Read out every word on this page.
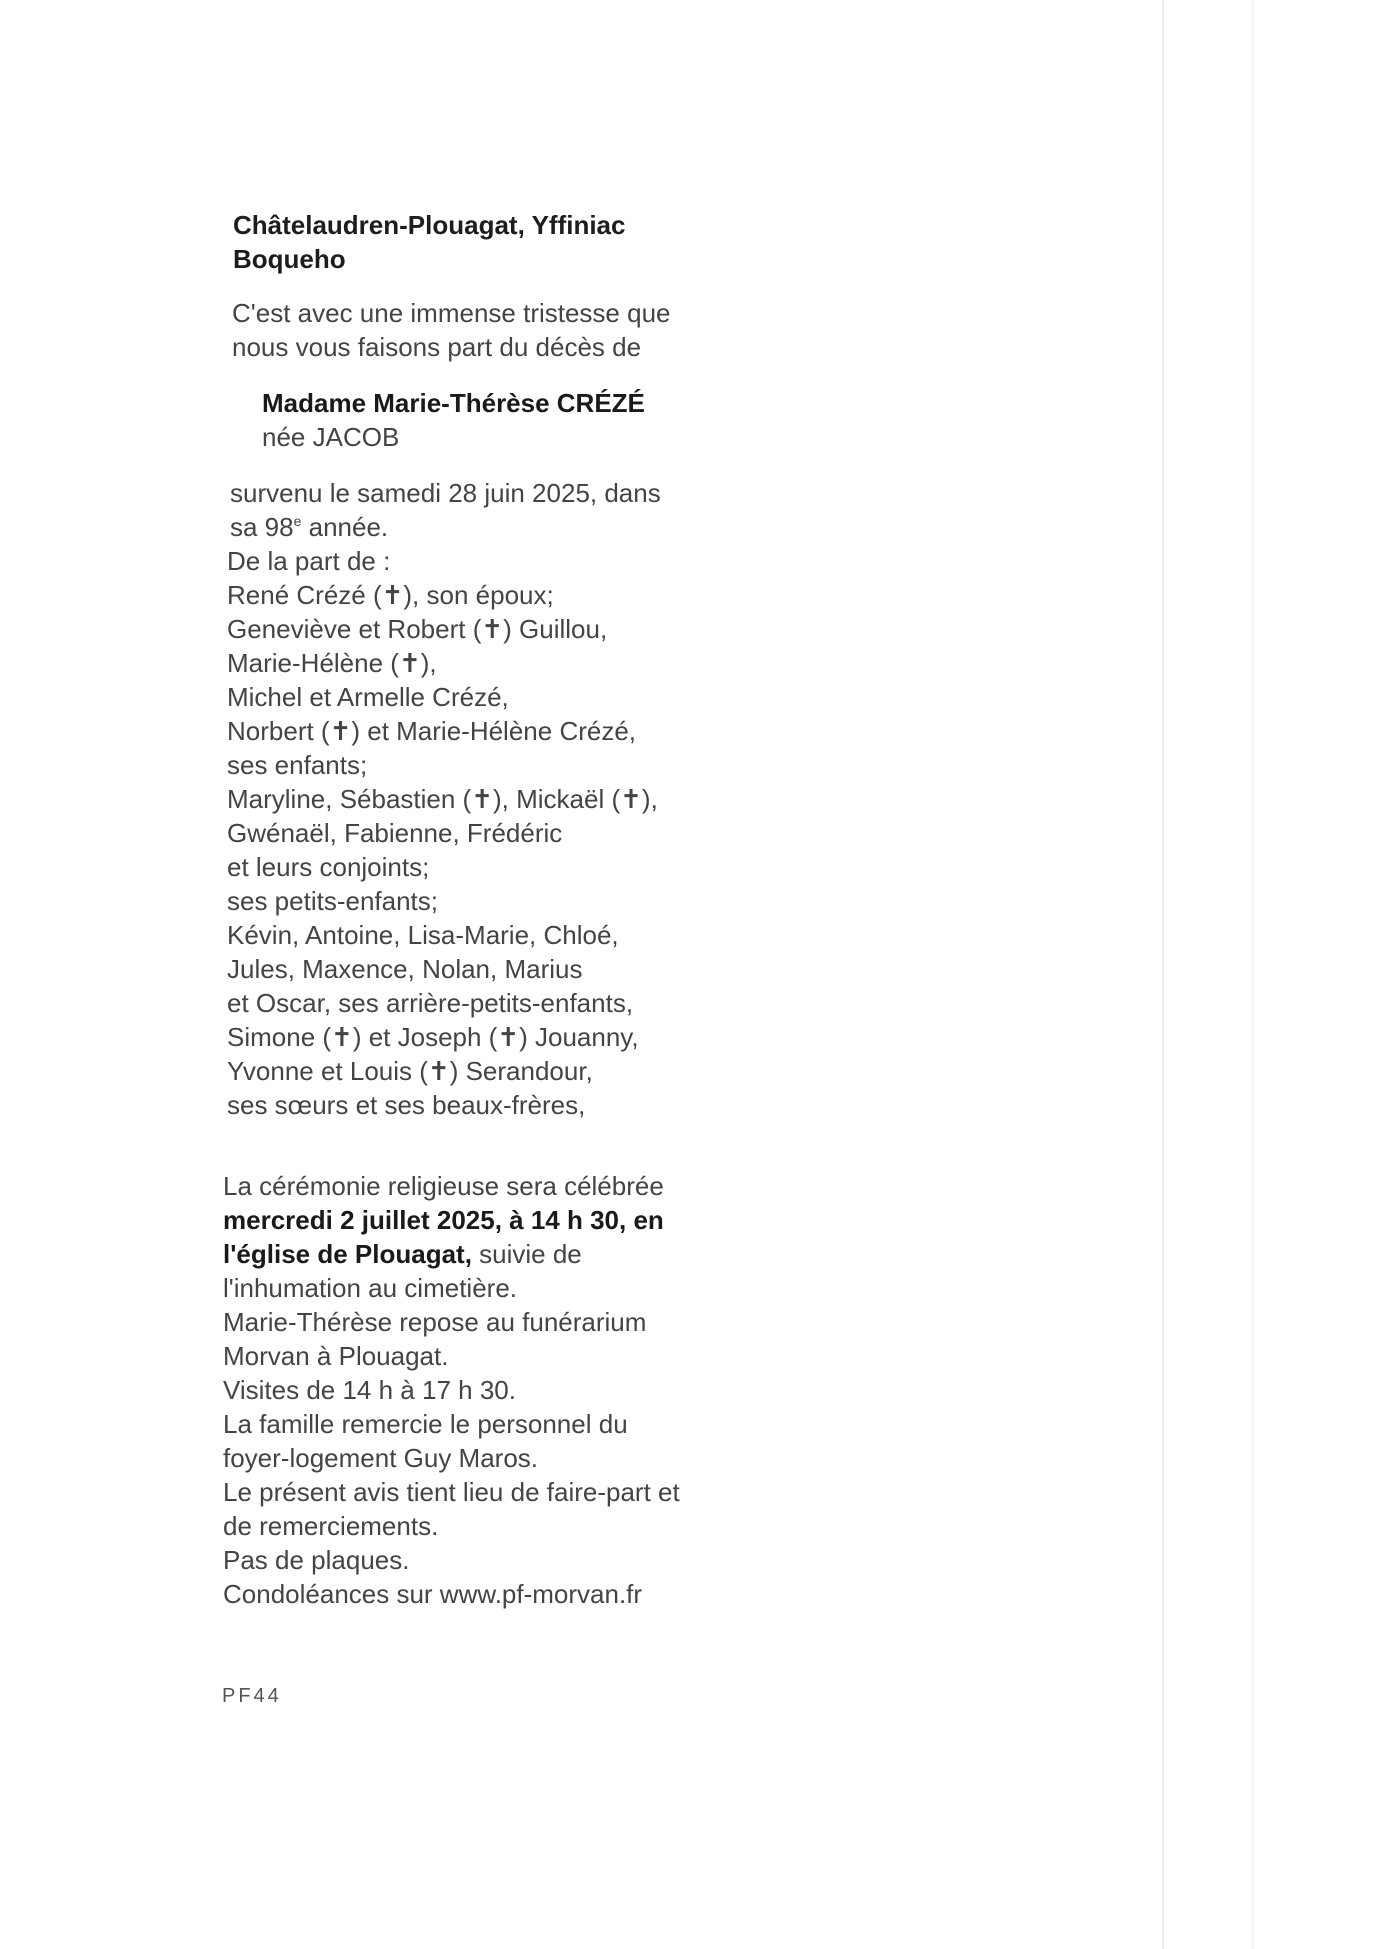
Châtelaudren-Plouagat, Yffiniac
Boqueho
C'est avec une immense tristesse que
nous vous faisons part du décès de
Madame Marie-Thérèse CRÉZÉ
née JACOB
survenu le samedi 28 juin 2025, dans
sa 98e année.
De la part de :
René Crézé (✝), son époux;
Geneviève et Robert (✝) Guillou,
Marie-Hélène (✝),
Michel et Armelle Crézé,
Norbert (✝) et Marie-Hélène Crézé,
ses enfants;
Maryline, Sébastien (✝), Mickaël (✝),
Gwénaël, Fabienne, Frédéric
et leurs conjoints;
ses petits-enfants;
Kévin, Antoine, Lisa-Marie, Chloé,
Jules, Maxence, Nolan, Marius
et Oscar, ses arrière-petits-enfants,
Simone (✝) et Joseph (✝) Jouanny,
Yvonne et Louis (✝) Serandour,
ses sœurs et ses beaux-frères,
La cérémonie religieuse sera célébrée
mercredi 2 juillet 2025, à 14 h 30, en
l'église de Plouagat, suivie de
l'inhumation au cimetière.
Marie-Thérèse repose au funérarium
Morvan à Plouagat.
Visites de 14 h à 17 h 30.
La famille remercie le personnel du
foyer-logement Guy Maros.
Le présent avis tient lieu de faire-part et
de remerciements.
Pas de plaques.
Condoléances sur www.pf-morvan.fr
PF44
